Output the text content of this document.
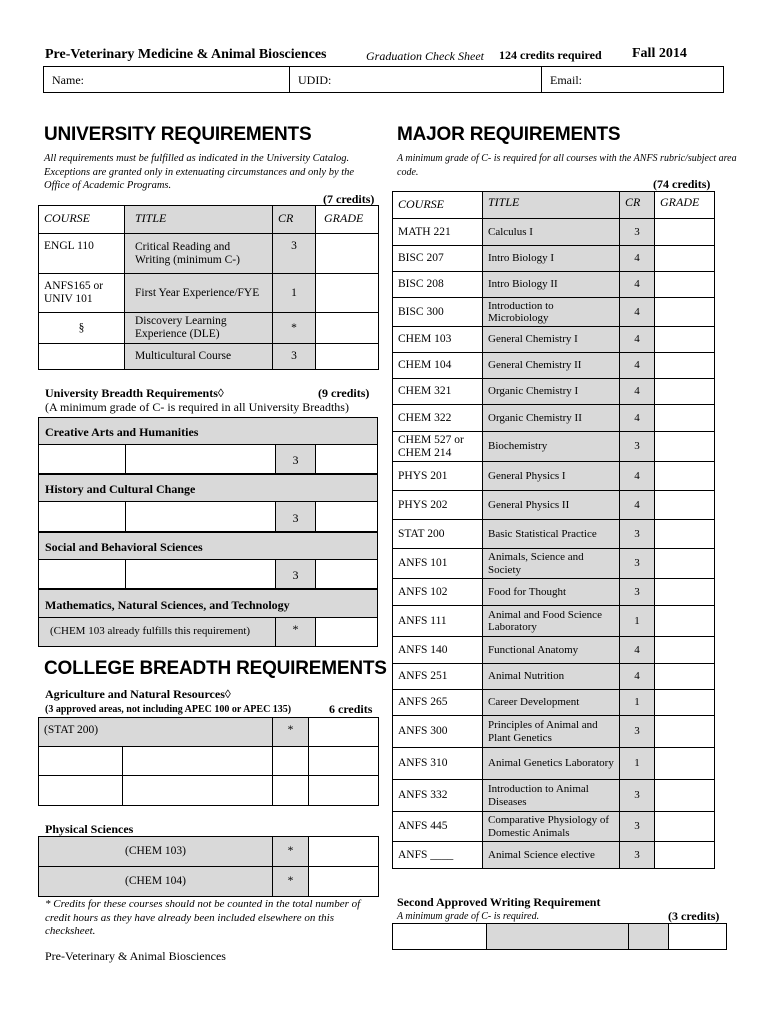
Pre-Veterinary Medicine & Animal Biosciences	Graduation Check Sheet 124 credits required Fall 2014
Name:	UDID:	Email:
UNIVERSITY REQUIREMENTS
All requirements must be fulfilled as indicated in the University Catalog. Exceptions are granted only in extenuating circumstances and only by the Office of Academic Programs.
(7 credits)
COURSE	TITLE	CR	GRADE
ENGL 110	Critical Reading and Writing (minimum C-)	3	
ANFS165 or UNIV 101	First Year Experience/FYE	1	
§	Discovery Learning Experience (DLE)	*	
	Multicultural Course	3	
University Breadth Requirements◊	(9 credits)
(A minimum grade of C- is required in all University Breadths)
Creative Arts and Humanities
3
History and Cultural Change
3
Social and Behavioral Sciences
3
Mathematics, Natural Sciences, and Technology
(CHEM 103 already fulfills this requirement)	*
COLLEGE BREADTH REQUIREMENTS
Agriculture and Natural Resources◊
(3 approved areas, not including APEC 100 or APEC 135)	6 credits
(STAT 200)		*	

Physical Sciences
(CHEM 103)	*	
(CHEM 104)	*	
* Credits for these courses should not be counted in the total number of credit hours as they have already been included elsewhere on this checksheet.
Pre-Veterinary & Animal Biosciences
MAJOR REQUIREMENTS
A minimum grade of C- is required for all courses with the ANFS rubric/subject area code.
(74 credits)
COURSE	TITLE	CR	GRADE
MATH 221	Calculus I	3	
BISC 207	Intro Biology I	4	
BISC 208	Intro Biology II	4	
BISC 300	Introduction to Microbiology	4	
CHEM 103	General Chemistry I	4	
CHEM 104	General Chemistry II	4	
CHEM 321	Organic Chemistry I	4	
CHEM 322	Organic Chemistry II	4	
CHEM 527 or CHEM 214	Biochemistry	3	
PHYS 201	General Physics I	4	
PHYS 202	General Physics II	4	
STAT 200	Basic Statistical Practice	3	
ANFS 101	Animals, Science and Society	3	
ANFS 102	Food for Thought	3	
ANFS 111	Animal and Food Science Laboratory	1	
ANFS 140	Functional Anatomy	4	
ANFS 251	Animal Nutrition	4	
ANFS 265	Career Development	1	
ANFS 300	Principles of Animal and Plant Genetics	3	
ANFS 310	Animal Genetics Laboratory	1	
ANFS 332	Introduction to Animal Diseases	3	
ANFS 445	Comparative Physiology of Domestic Animals	3	
ANFS ____	Animal Science elective	3	
Second Approved Writing Requirement
A minimum grade of C- is required.	(3 credits)
